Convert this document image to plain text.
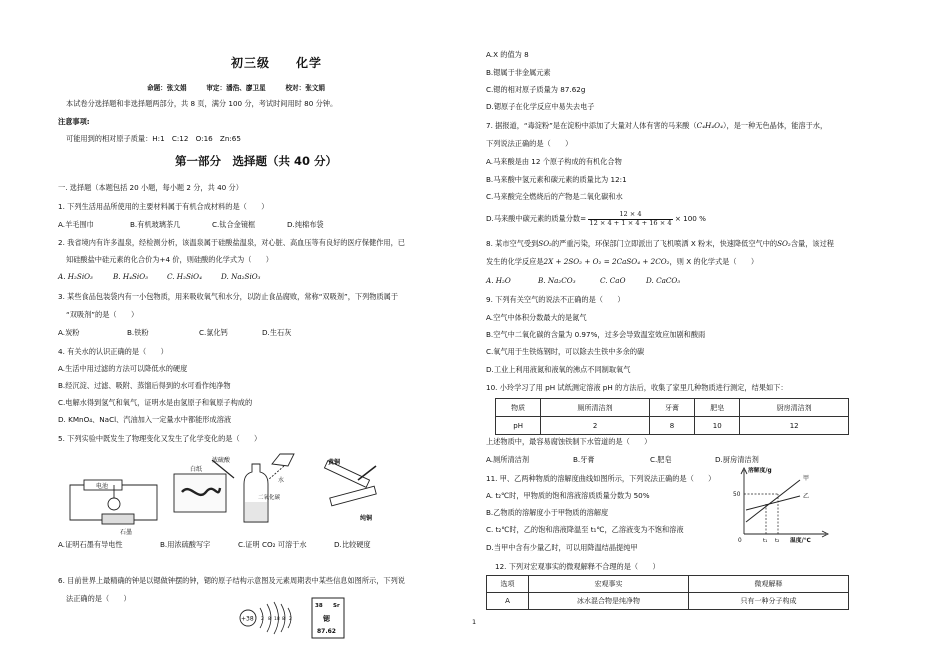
初三级　　化学
命题：张文娟　　　审定：潘浩、廖卫星　　　校对：张文娟
本试卷分选择题和非选择题两部分，共 8 页，满分 100 分，考试时间用时 80 分钟。
注意事项:
可能用到的相对原子质量：H:1　C:12　O:16　Zn:65
第一部分　选择题（共 40 分）
一. 选择题（本题包括 20 小题，每小题 2 分，共 40 分）
1. 下列生活用品所使用的主要材料属于有机合成材料的是（　　）
A.羊毛围巾	B.有机玻璃茶几	C.钛合金镜框	D.纯棉布袋
2. 我省境内有许多温泉，经检测分析，该温泉属于硅酸盐温泉，对心脏、高血压等有良好的医疗保健作用，已
知硅酸盐中硅元素的化合价为+4 价，则硅酸的化学式为（　　）
A. H₂SiO₃	B. H₄SiO₃	C. H₂SiO₄	D. Na₂SiO₃
3. 某些食品包装袋内有一小包物质，用来吸收氧气和水分，以防止食品腐败，常称“双吸剂”，下列物质属于
“双吸剂”的是（　　）
A.炭粉	B.铁粉	C.氯化钙	D.生石灰
4. 有关水的认识正确的是（　　）
A.生活中用过滤的方法可以降低水的硬度
B.经沉淀、过滤、吸附、蒸馏后得到的水可看作纯净物
C.电解水得到氢气和氧气，证明水是由氢原子和氧原子构成的
D. KMnO₄、NaCl、汽油加入一定量水中都能形成溶液
5. 下列实验中既发生了物理变化又发生了化学变化的是（　　）
电池
石墨
白纸
浓硫酸
二氧化碳
水
黄铜
纯铜
A.证明石墨有导电性	B.用浓硫酸写字	C.证明 CO₂ 可溶于水	D.比较硬度
6. 目前世界上最精确的钟是以锶做钟摆的钟，锶的原子结构示意图及元素周期表中某些信息如图所示，下列说
法正确的是（　　）
+38 2 8 18 8 2
38 Sr
锶
87.62
1
A.X 的值为 8
B.锶属于非金属元素
C.锶的相对原子质量为 87.62g
D.锶原子在化学反应中易失去电子
7. 据报道，“毒淀粉”是在淀粉中添加了大量对人体有害的马来酸（C₄H₄O₄），是一种无色晶体，能溶于水，
下列说法正确的是（　　）
A.马来酸是由 12 个原子构成的有机化合物
B.马来酸中氢元素和碳元素的质量比为 12:1
C.马来酸完全燃烧后的产物是二氧化碳和水
D.马来酸中碳元素的质量分数= $\frac{12 \times 4}{12 \times 4 + 1 \times 4 + 16 \times 4} \times 100$ %
8. 某市空气受到SO₂的严重污染，环保部门立即派出了飞机喷洒 X 粉末，快速降低空气中的SO₂含量，该过程
发生的化学反应是2X + 2SO₂ + O₂ = 2CaSO₄ + 2CO₂，则 X 的化学式是（　　）
A. H₂O	B. Na₂CO₃	C. CaO	D. CaCO₃
9. 下列有关空气的说法不正确的是（　　）
A.空气中体积分数最大的是氮气
B.空气中二氧化碳的含量为 0.97%，过多会导致温室效应加剧和酸雨
C.氧气用于生铁炼钢时，可以除去生铁中多余的碳
D.工业上利用液氮和液氧的沸点不同制取氧气
10. 小玲学习了用 pH 试纸测定溶液 pH 的方法后，收集了家里几种物质进行测定，结果如下：
物质	厕所清洁剂	牙膏	肥皂	厨房清洁剂
pH	2	8	10	12
上述物质中，最容易腐蚀铁制下水管道的是（　　）
A.厕所清洁剂	B.牙膏	C.肥皂	D.厨房清洁剂
11. 甲、乙两种物质的溶解度曲线如图所示，下列说法正确的是（　　）
A. t₂℃时，甲物质的饱和溶液溶质质量分数为 50%
B.乙物质的溶解度小于甲物质的溶解度
C. t₂℃时，乙的饱和溶液降温至 t₁℃，乙溶液变为不饱和溶液
D.当甲中含有少量乙时，可以用降温结晶提纯甲
12. 下列对宏观事实的微观解释不合理的是（　　）
选项	宏观事实	微观解释
A	冰水混合物是纯净物	只有一种分子构成
溶解度/g
50
0	t₁ t₂ 温度/℃
甲
乙
